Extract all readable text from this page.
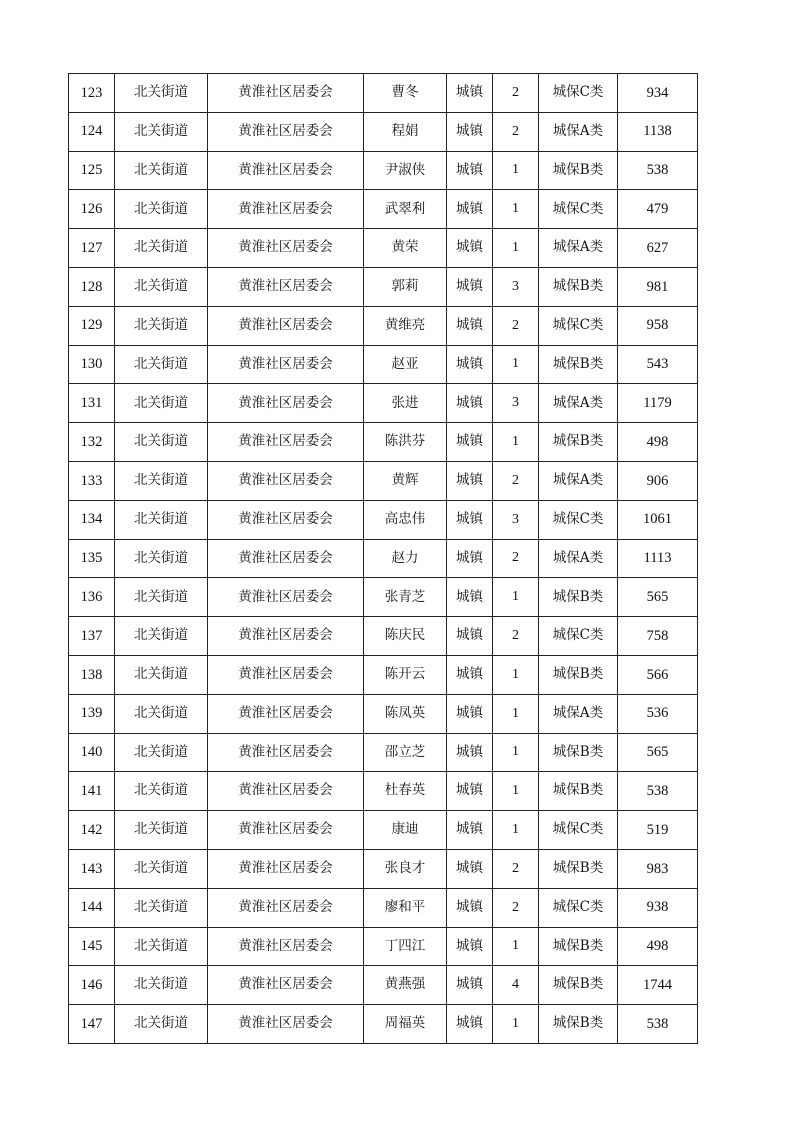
123	北关街道	黄淮社区居委会	曹冬	城镇	2	城保C类	934
124	北关街道	黄淮社区居委会	程娟	城镇	2	城保A类	1138
125	北关街道	黄淮社区居委会	尹淑侠	城镇	1	城保B类	538
126	北关街道	黄淮社区居委会	武翠利	城镇	1	城保C类	479
127	北关街道	黄淮社区居委会	黄荣	城镇	1	城保A类	627
128	北关街道	黄淮社区居委会	郭莉	城镇	3	城保B类	981
129	北关街道	黄淮社区居委会	黄维亮	城镇	2	城保C类	958
130	北关街道	黄淮社区居委会	赵亚	城镇	1	城保B类	543
131	北关街道	黄淮社区居委会	张进	城镇	3	城保A类	1179
132	北关街道	黄淮社区居委会	陈洪芬	城镇	1	城保B类	498
133	北关街道	黄淮社区居委会	黄辉	城镇	2	城保A类	906
134	北关街道	黄淮社区居委会	高忠伟	城镇	3	城保C类	1061
135	北关街道	黄淮社区居委会	赵力	城镇	2	城保A类	1113
136	北关街道	黄淮社区居委会	张青芝	城镇	1	城保B类	565
137	北关街道	黄淮社区居委会	陈庆民	城镇	2	城保C类	758
138	北关街道	黄淮社区居委会	陈开云	城镇	1	城保B类	566
139	北关街道	黄淮社区居委会	陈凤英	城镇	1	城保A类	536
140	北关街道	黄淮社区居委会	邵立芝	城镇	1	城保B类	565
141	北关街道	黄淮社区居委会	杜春英	城镇	1	城保B类	538
142	北关街道	黄淮社区居委会	康迪	城镇	1	城保C类	519
143	北关街道	黄淮社区居委会	张良才	城镇	2	城保B类	983
144	北关街道	黄淮社区居委会	廖和平	城镇	2	城保C类	938
145	北关街道	黄淮社区居委会	丁四江	城镇	1	城保B类	498
146	北关街道	黄淮社区居委会	黄燕强	城镇	4	城保B类	1744
147	北关街道	黄淮社区居委会	周福英	城镇	1	城保B类	538
